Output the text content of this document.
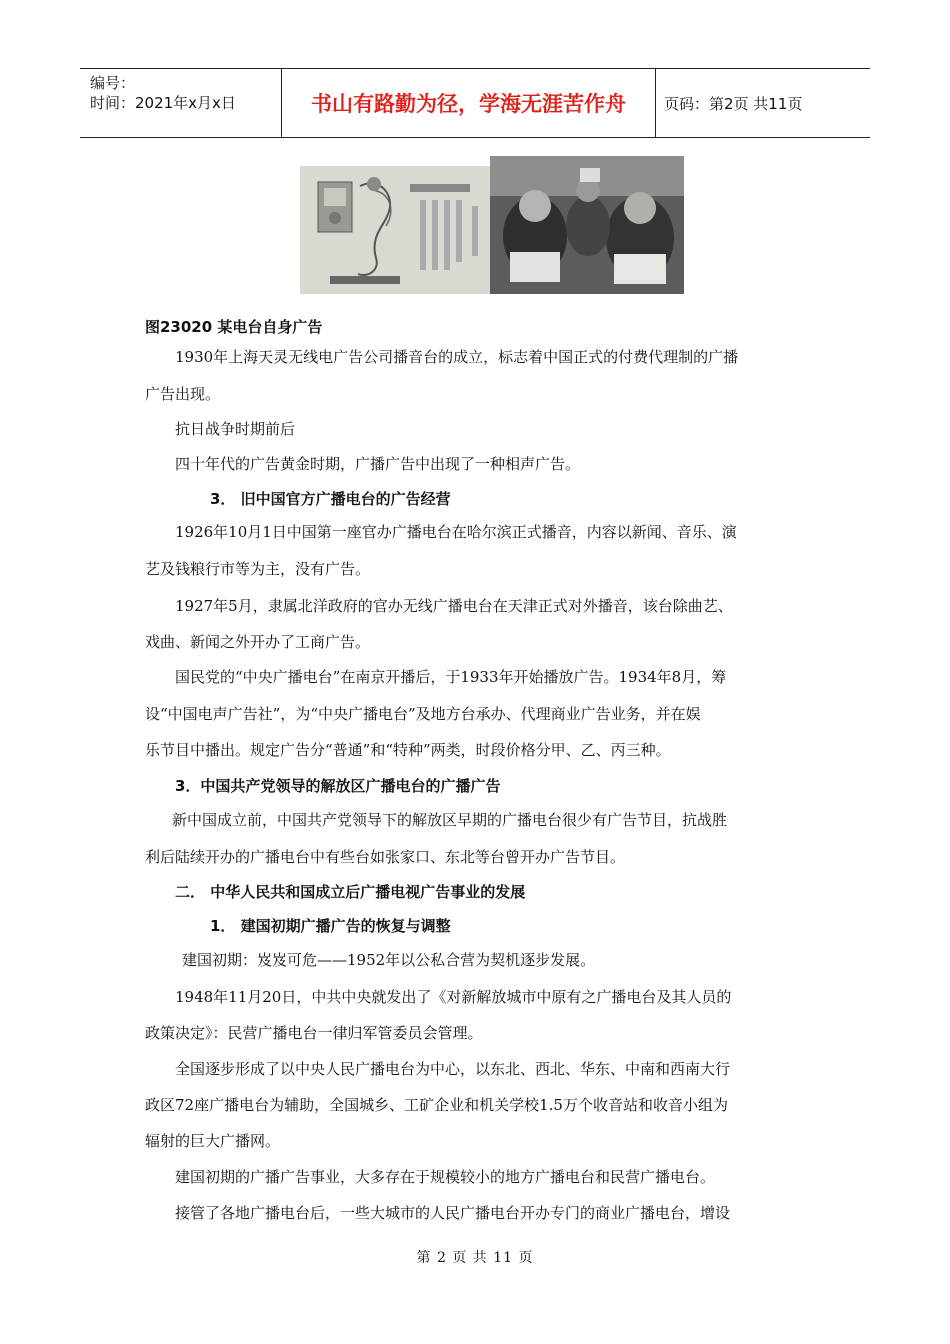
编号：
时间：2021年x月x日	书山有路勤为径，学海无涯苦作舟	页码：第2页 共11页
图23020 某电台自身广告
1930年上海天灵无线电广告公司播音台的成立，标志着中国正式的付费代理制的广播
广告出现。
抗日战争时期前后
四十年代的广告黄金时期，广播广告中出现了一种相声广告。
3． 旧中国官方广播电台的广告经营
1926年10月1日中国第一座官办广播电台在哈尔滨正式播音，内容以新闻、音乐、演
艺及钱粮行市等为主，没有广告。
1927年5月，隶属北洋政府的官办无线广播电台在天津正式对外播音，该台除曲艺、
戏曲、新闻之外开办了工商广告。
国民党的“中央广播电台”在南京开播后，于1933年开始播放广告。1934年8月，筹
设“中国电声广告社”，为“中央广播电台”及地方台承办、代理商业广告业务，并在娱
乐节目中播出。规定广告分“普通”和“特种”两类，时段价格分甲、乙、丙三种。
3．中国共产党领导的解放区广播电台的广播广告
新中国成立前，中国共产党领导下的解放区早期的广播电台很少有广告节目，抗战胜
利后陆续开办的广播电台中有些台如张家口、东北等台曾开办广告节目。
二． 中华人民共和国成立后广播电视广告事业的发展
1． 建国初期广播广告的恢复与调整
建国初期：岌岌可危——1952年以公私合营为契机逐步发展。
1948年11月20日，中共中央就发出了《对新解放城市中原有之广播电台及其人员的
政策决定》：民营广播电台一律归军管委员会管理。
全国逐步形成了以中央人民广播电台为中心，以东北、西北、华东、中南和西南大行
政区72座广播电台为辅助，全国城乡、工矿企业和机关学校1.5万个收音站和收音小组为
辐射的巨大广播网。
建国初期的广播广告事业，大多存在于规模较小的地方广播电台和民营广播电台。
接管了各地广播电台后，一些大城市的人民广播电台开办专门的商业广播电台，增设
第 2 页 共 11 页
